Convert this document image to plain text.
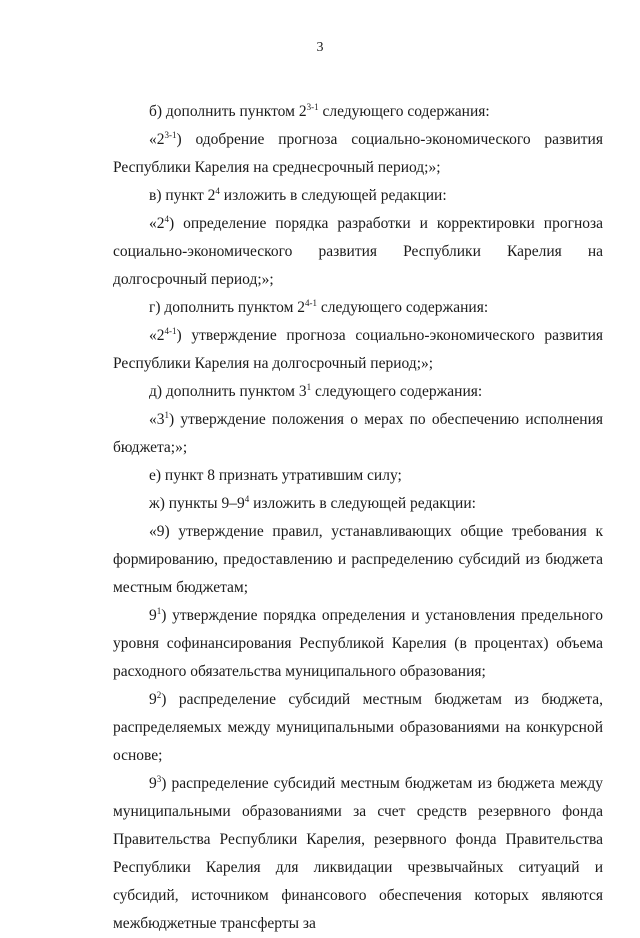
3

б) дополнить пунктом 2$^{3-1}$ следующего содержания:

«2$^{3-1}$) одобрение прогноза социально-экономического развития Республики Карелия на среднесрочный период;»;

в) пункт $2^4$ изложить в следующей редакции:

«$2^4$) определение порядка разработки и корректировки прогноза социально-экономического развития Республики Карелия на долгосрочный период;»;

г) дополнить пунктом 2$^{4-1}$ следующего содержания:

«2$^{4-1}$) утверждение прогноза социально-экономического развития Республики Карелия на долгосрочный период;»;

д) дополнить пунктом $3^1$ следующего содержания:

«$3^1$) утверждение положения о мерах по обеспечению исполнения бюджета;»;

е) пункт 8 признать утратившим силу;

ж) пункты $9-9^4$ изложить в следующей редакции:

«9) утверждение правил, устанавливающих общие требования к формированию, предоставлению и распределению субсидий из бюджета местным бюджетам;

$9^1$) утверждение порядка определения и установления предельного уровня софинансирования Республикой Карелия (в процентах) объема расходного обязательства муниципального образования;

$9^2$) распределение субсидий местным бюджетам из бюджета, распределяемых между муниципальными образованиями на конкурсной основе;

$9^3$) распределение субсидий местным бюджетам из бюджета между муниципальными образованиями за счет средств резервного фонда Правительства Республики Карелия, резервного фонда Правительства Республики Карелия для ликвидации чрезвычайных ситуаций и субсидий, источником финансового обеспечения которых являются межбюджетные трансферты за
